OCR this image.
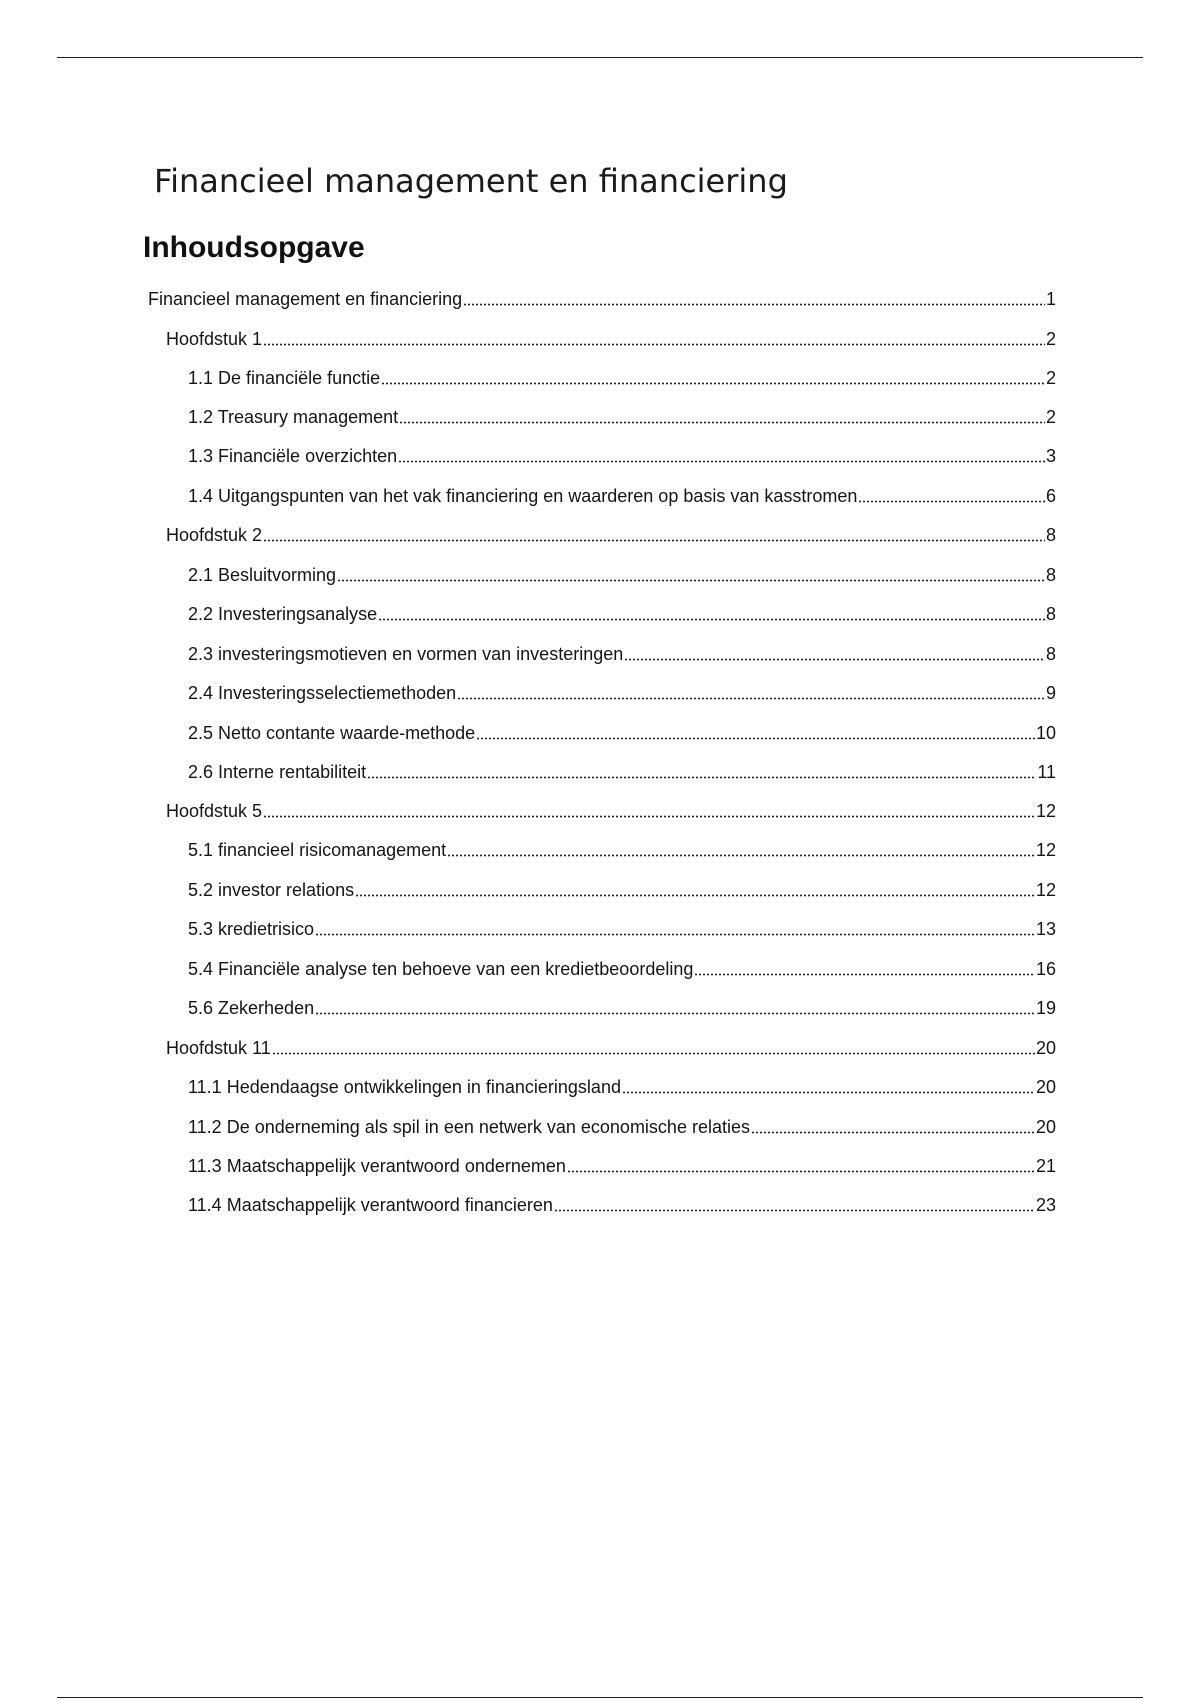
Financieel management en financiering
Inhoudsopgave
Financieel management en financiering	1
Hoofdstuk 1	2
1.1 De financiële functie	2
1.2 Treasury management	2
1.3 Financiële overzichten	3
1.4 Uitgangspunten van het vak financiering en waarderen op basis van kasstromen	6
Hoofdstuk 2	8
2.1 Besluitvorming	8
2.2 Investeringsanalyse	8
2.3 investeringsmotieven en vormen van investeringen	8
2.4 Investeringsselectiemethoden	9
2.5 Netto contante waarde-methode	10
2.6 Interne rentabiliteit	11
Hoofdstuk 5	12
5.1 financieel risicomanagement	12
5.2 investor relations	12
5.3 kredietrisico	13
5.4 Financiële analyse ten behoeve van een kredietbeoordeling	16
5.6 Zekerheden	19
Hoofdstuk 11	20
11.1 Hedendaagse ontwikkelingen in financieringsland	20
11.2 De onderneming als spil in een netwerk van economische relaties	20
11.3 Maatschappelijk verantwoord ondernemen	21
11.4 Maatschappelijk verantwoord financieren	23
